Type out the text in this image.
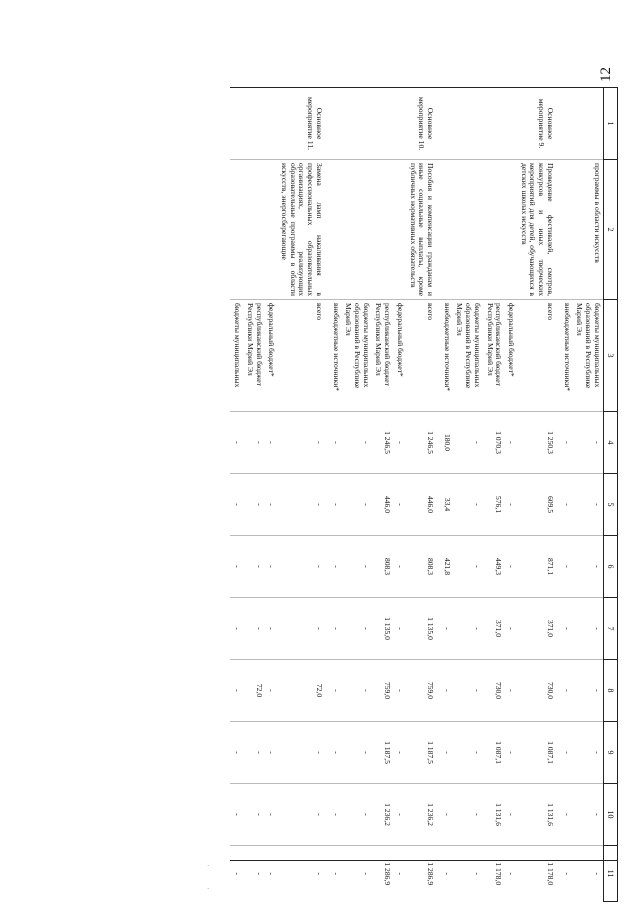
12
1	2	3	4	5	6	7	8	9	10	11
	программы в области искусств	бюджеты муниципальных образований в Республике Марий Эл	-	-	-	-	-	-	-	-
		внебюджетные источники*	-	-	-	-	-	-	-	-
Основное мероприятие 9.	Проведение фестивалей, смотров, конкурсов и иных творческих мероприятий для детей, обучающихся в детских школах искусств	всего	1 250,3	609,5	871,1	371,0	730,0	1 087,1	1 131,6	1 178,0
		федеральный бюджет*	-	-	-	-	-	-	-	-
		республиканский бюджет Республики Марий Эл	1 070,3	576,1	449,3	371,0	730,0	1 087,1	1 131,6	1 178,0
		бюджеты муниципальных образований в Республике Марий Эл	-	-	-	-	-	-	-	-
		внебюджетные источники*	180,0	33,4	421,8	-	-	-	-	-
Основное мероприятие 10.	Пособия и компенсации гражданам и иные социальные выплаты, кроме публичных нормативных обязательств	всего	1 246,5	446,0	808,3	1 135,0	759,0	1 187,5	1 236,2	1 286,9
		федеральный бюджет*	-	-	-	-	-	-	-	-
		республиканский бюджет Республики Марий Эл	1 246,5	446,0	808,3	1 135,0	759,0	1 187,5	1 236,2	1 286,9
		бюджеты муниципальных образований в Республике Марий Эл	-	-	-	-	-	-	-	-
		внебюджетные источники*	-	-	-	-	-	-	-	-
Основное мероприятие 11.	Замена ламп накаливания в профессиональных образовательных организациях, реализующих образовательные программы в области искусств, энергосберегающие	всего	-	-	-	-	72,0	-	-	-
		федеральный бюджет*	-	-	-	-	-	-	-	-
		республиканский бюджет Республики Марий Эл	-	-	-	-	72,0	-	-	-
		бюджеты муниципальных	-	-	-	-	-	-	-	-
·
·
